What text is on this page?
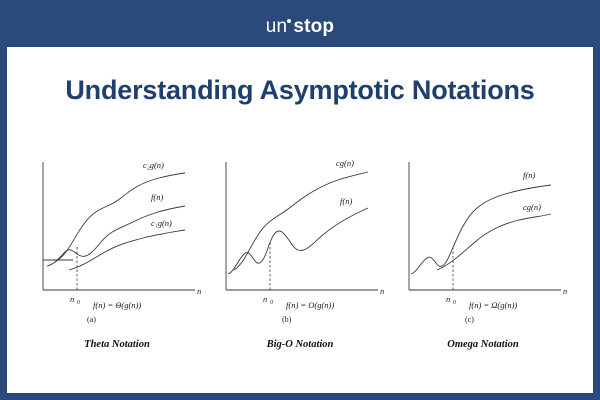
un stop
Understanding Asymptotic Notations
c₂g(n)
f(n)
c₁g(n)
n
n 0 f(n) = Θ(g(n))
(a)
Theta Notation
cg(n)
f(n)
n
n 0 f(n) = O(g(n))
(b)
Big-O Notation
f(n)
cg(n)
n
n 0 f(n) = Ω(g(n))
(c)
Omega Notation
